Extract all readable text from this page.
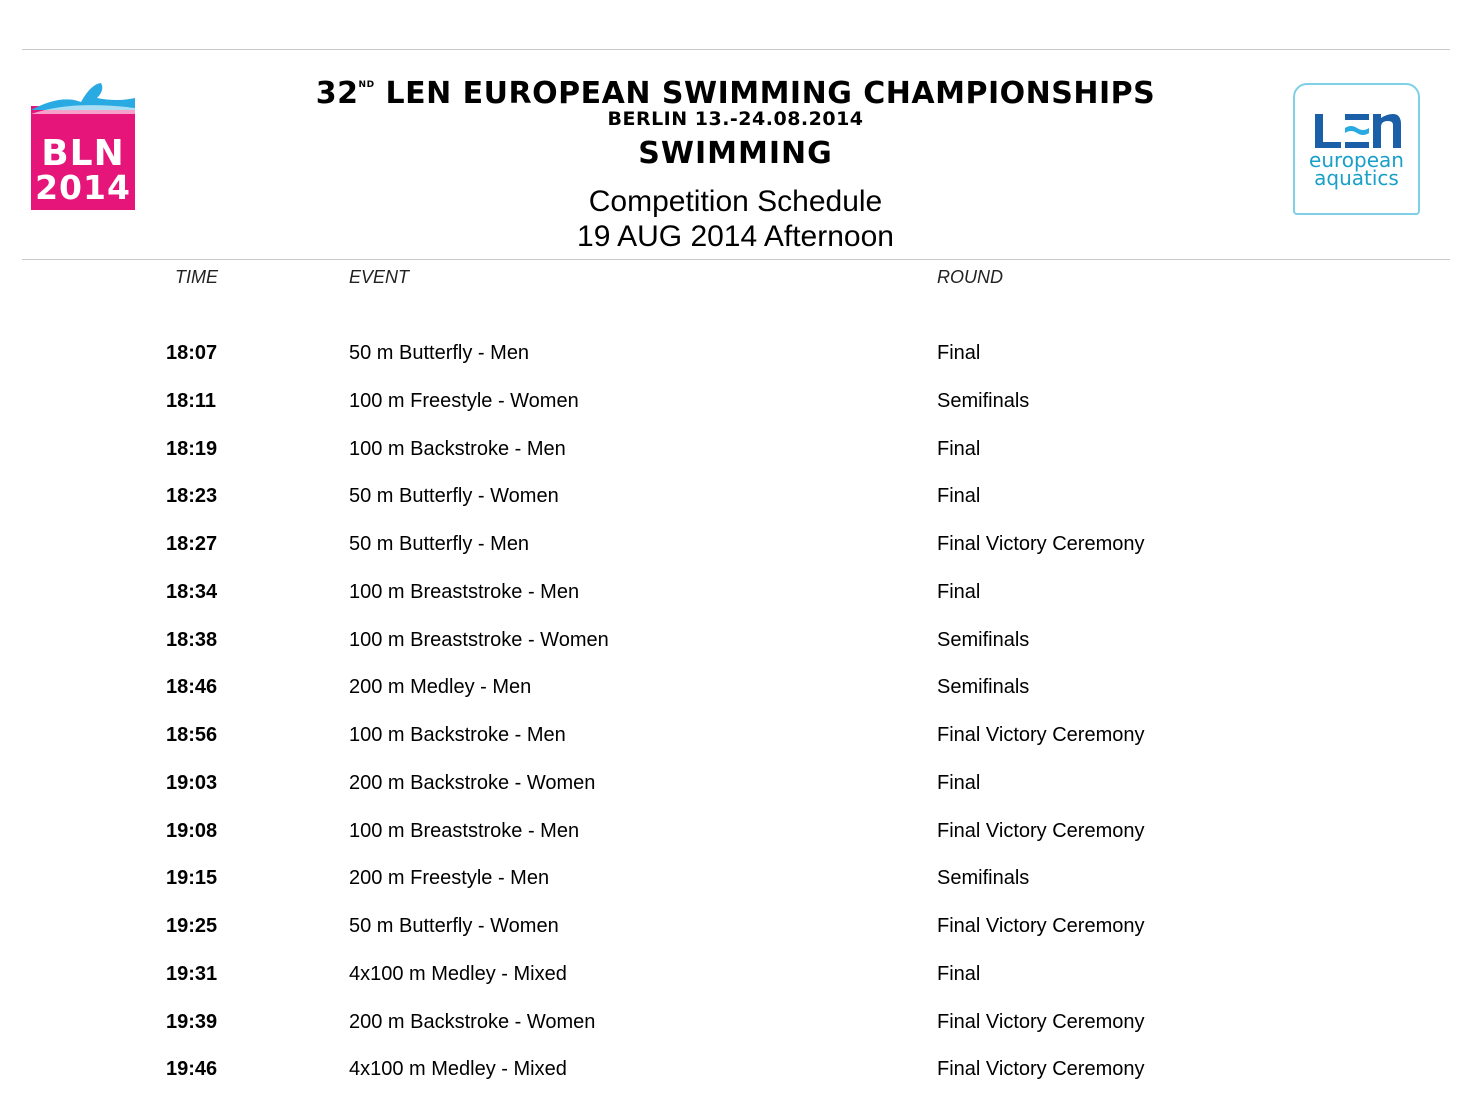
BLN
2014
32ND LEN EUROPEAN SWIMMING CHAMPIONSHIPS
BERLIN 13.-24.08.2014
SWIMMING
Competition Schedule
19 AUG 2014 Afternoon
european
aquatics
TIME	EVENT	ROUND
18:07	50 m Butterfly - Men	Final
18:11	100 m Freestyle - Women	Semifinals
18:19	100 m Backstroke - Men	Final
18:23	50 m Butterfly - Women	Final
18:27	50 m Butterfly - Men	Final Victory Ceremony
18:34	100 m Breaststroke - Men	Final
18:38	100 m Breaststroke - Women	Semifinals
18:46	200 m Medley - Men	Semifinals
18:56	100 m Backstroke - Men	Final Victory Ceremony
19:03	200 m Backstroke - Women	Final
19:08	100 m Breaststroke - Men	Final Victory Ceremony
19:15	200 m Freestyle - Men	Semifinals
19:25	50 m Butterfly - Women	Final Victory Ceremony
19:31	4x100 m Medley - Mixed	Final
19:39	200 m Backstroke - Women	Final Victory Ceremony
19:46	4x100 m Medley - Mixed	Final Victory Ceremony
